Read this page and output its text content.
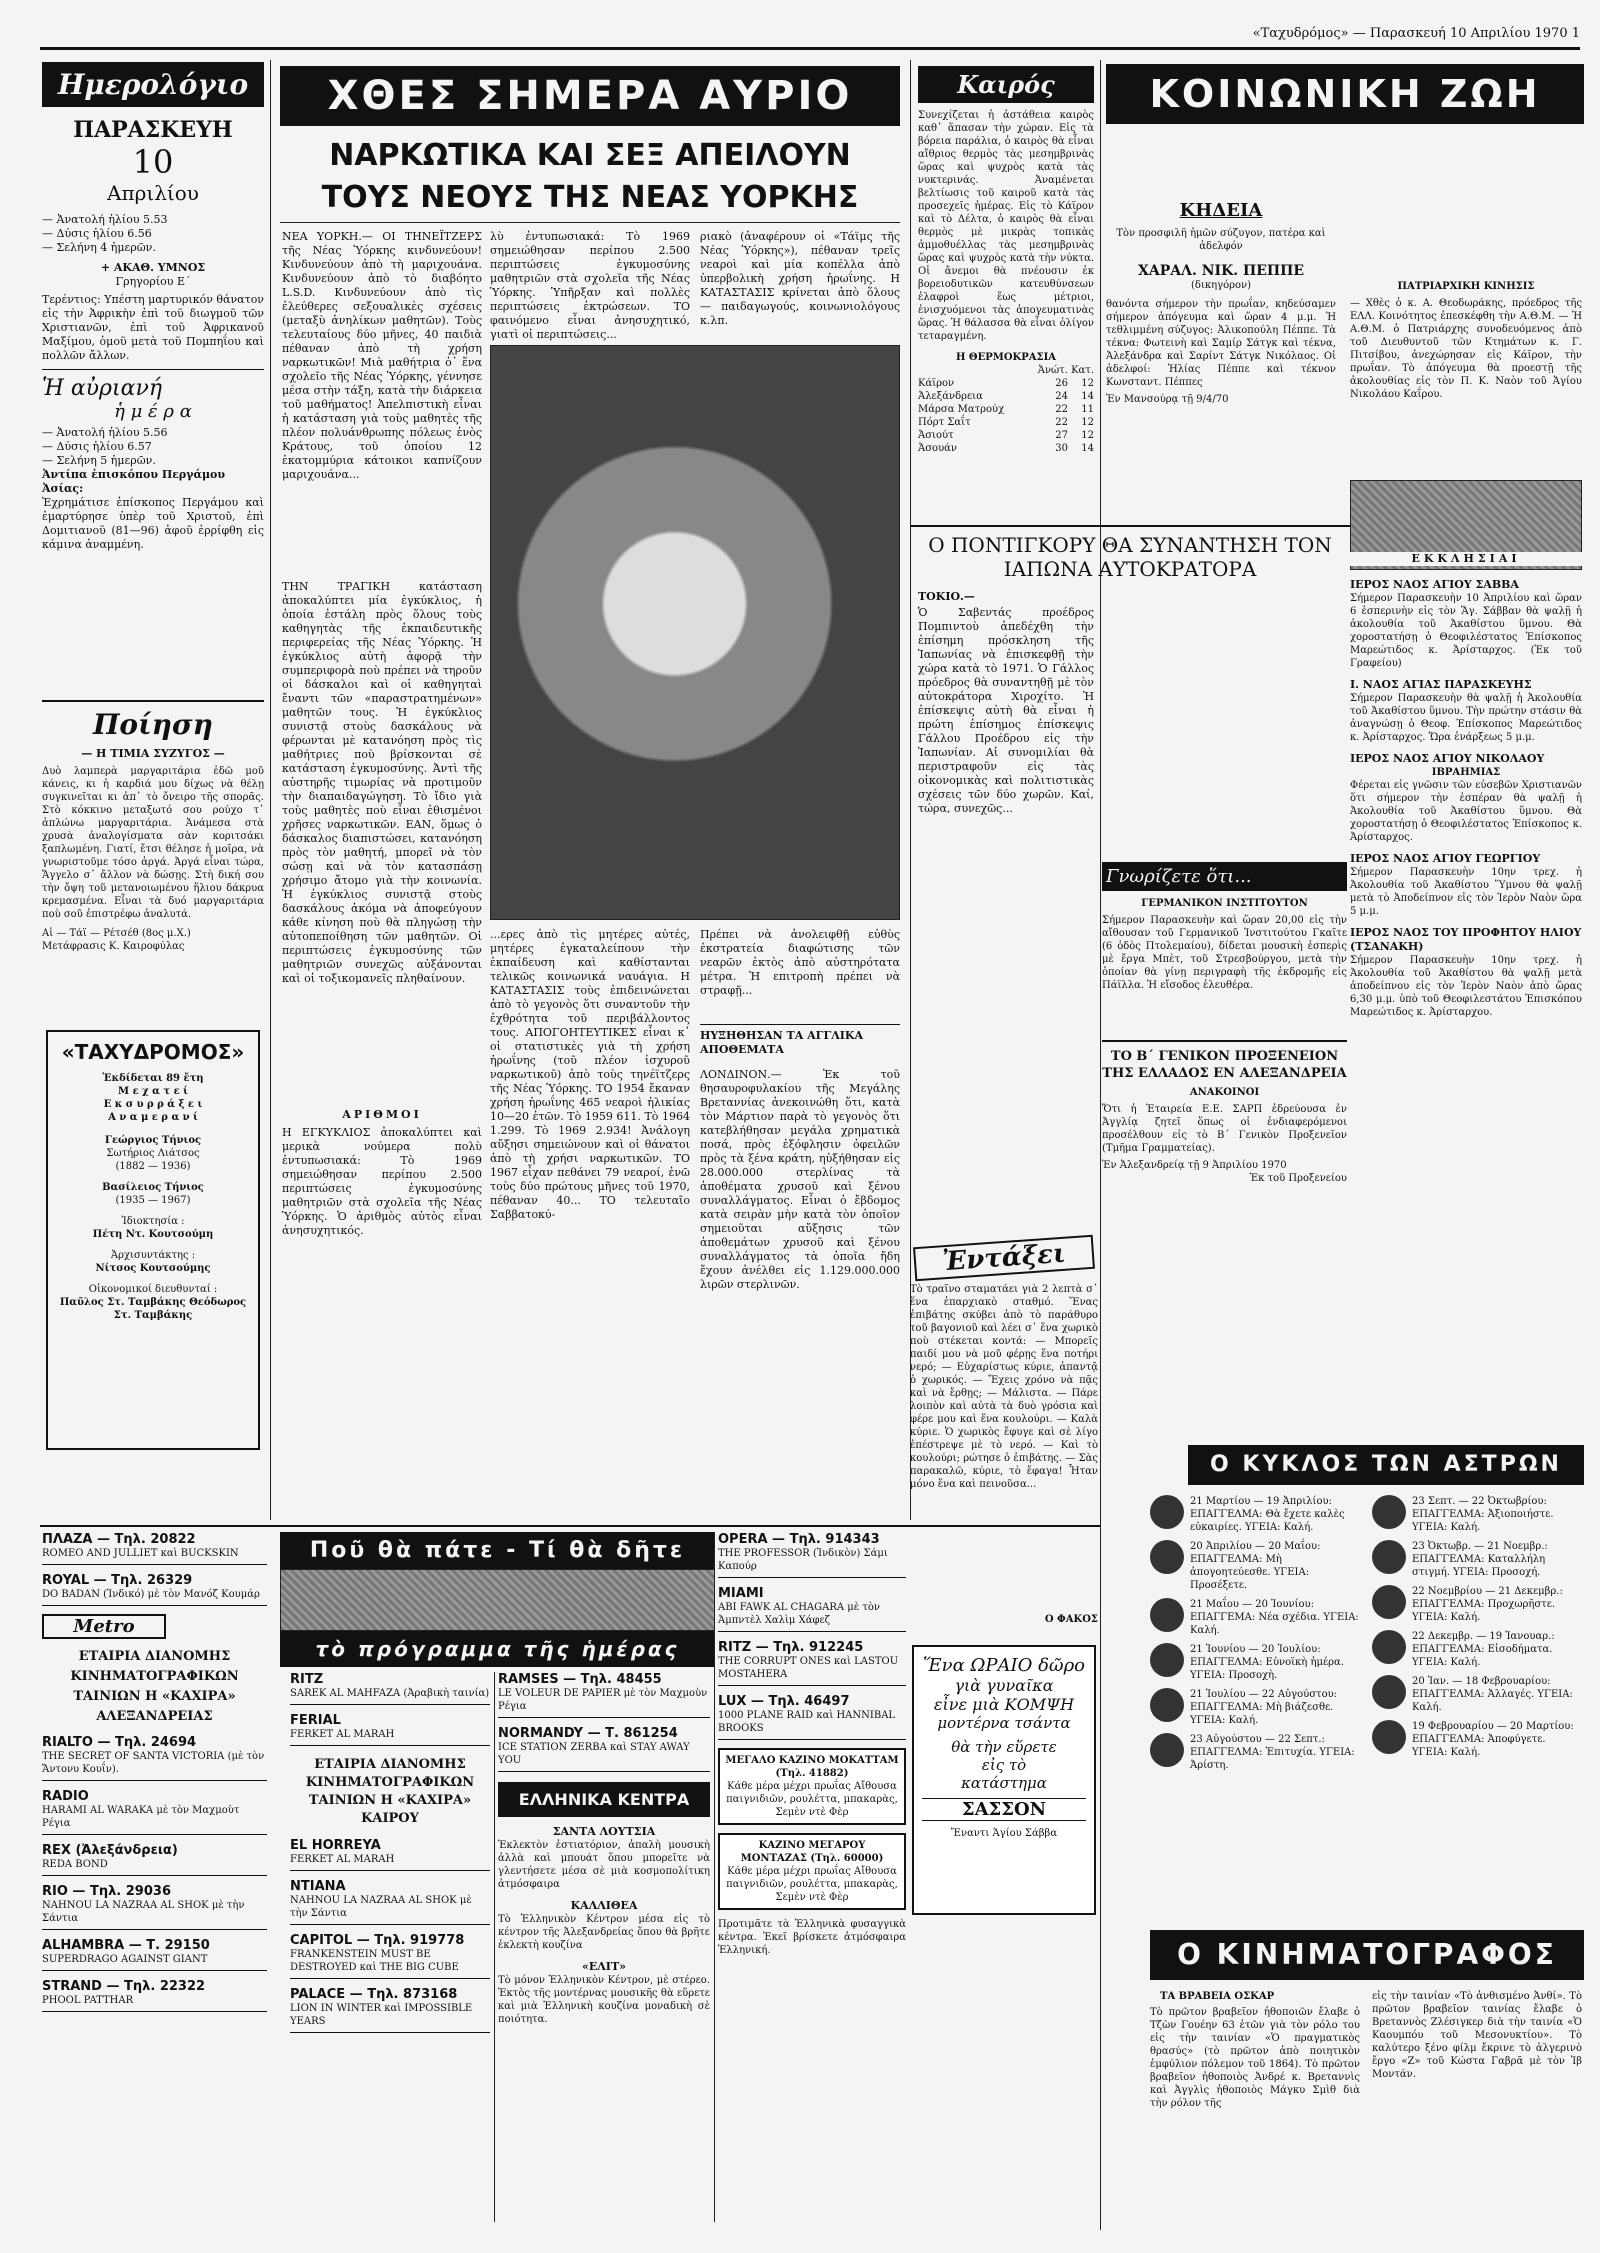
«Ταχυδρόμος» — Παρασκευή 10 Απριλίου 1970 1
Ημερολόγιο
ΠΑΡΑΣΚΕΥΗ
10
Απριλίου
— Ἀνατολή ἡλίου 5.53
— Δύσις ἡλίου 6.56
— Σελήνη 4 ἡμερῶν.
+ ΑΚΑΘ. ΥΜΝΟΣ
Γρηγορίου Ε΄
Τερέντιος: Υπέστη μαρτυρικόν θάνατον εἰς τὴν Ἀφρικὴν ἐπὶ τοῦ διωγμοῦ τῶν Χριστιανῶν, ἐπὶ τοῦ Ἀφρικανοῦ Μαξίμου, ὁμοῦ μετὰ τοῦ Πομπηΐου καὶ πολλῶν ἄλλων.
Ἡ αὐριανή
ἡ μ έ ρ α
— Ἀνατολή ἡλίου 5.56
— Δύσις ἡλίου 6.57
— Σελήνη 5 ἡμερῶν.
Ἀντίπα ἐπισκόπου Περγάμου Ἀσίας:
Ἐχρημάτισε ἐπίσκοπος Περγάμου καὶ ἐμαρτύρησε ὑπὲρ τοῦ Χριστοῦ, ἐπὶ Δομιτιανοῦ (81—96) ἀφοῦ ἐρρίφθη εἰς κάμινα ἀναμμένη.
Ποίηση
— Η ΤΙΜΙΑ ΣΥΖΥΓΟΣ —
Δυὸ λαμπερὰ μαργαριτάρια ἐδῶ μοῦ κάνεις, κι ἡ καρδιά μου δίχως νὰ θέλῃ συγκινεῖται κι ἀπ᾿ τὸ ὄνειρο τῆς σπορᾶς. Στὸ κόκκινο μεταξωτό σου ρούχο τ᾿ ἀπλώνω μαργαριτάρια. Ἀνάμεσα στὰ χρυσὰ ἀναλογίσματα σὰν κοριτσάκι ξαπλωμένη. Γιατί, ἔτσι θέλησε ἡ μοῖρα, νὰ γνωριστοῦμε τόσο ἀργά. Ἀργά εἶναι τώρα, Ἄγγελο σ᾿ ἄλλον νὰ δώσῃς. Στὴ δική σου τὴν ὄψη τοῦ μετανοιωμένου ἥλιου δάκρυα κρεμασμένα. Εἶναι τὰ δυό μαργαριτάρια ποὺ σοῦ ἐπιστρέφω ἀναλυτά.
Αἱ — Τάϊ — Ρέτσέθ (8ος μ.Χ.)
Μετάφρασις Κ. Καιροφύλας
«ΤΑΧΥΔΡΟΜΟΣ»
Ἐκδίδεται 89 ἔτη
Μ ε χ α τ ε ί
Ε κ σ υ ρ ρ ά ξ ε ι
Α ν α μ ε ρ α ν ί
Γεώργιος Τήνιος
Σωτήριος Λιάτσος
(1882 — 1936)
Βασίλειος Τήνιος
(1935 — 1967)
Ἰδιοκτησία :
Πέτη Ντ. Κουτσούμη
Ἀρχισυντάκτης :
Νίτσος Κουτσούμης
Οἰκονομικοί διευθυνταί :
Παῦλος Στ. Ταμβάκης Θεόδωρος Στ. Ταμβάκης
ΧΘΕΣ ΣΗΜΕΡΑ ΑΥΡΙΟ
ΝΑΡΚΩΤΙΚΑ ΚΑΙ ΣΕΞ ΑΠΕΙΛΟΥΝ
ΤΟΥΣ ΝΕΟΥΣ ΤΗΣ ΝΕΑΣ ΥΟΡΚΗΣ
ΝΕΑ ΥΟΡΚΗ.— ΟΙ ΤΗΝΕΪΤΖΕΡΣ τῆς Νέας Ὑόρκης κινδυνεύουν! Κινδυνεύουν ἀπὸ τὴ μαριχουάνα. Κινδυνεύουν ἀπὸ τὸ διαβόητο L.S.D. Κινδυνεύουν ἀπὸ τὶς ἐλεύθερες σεξουαλικὲς σχέσεις (μεταξὺ ἀνηλίκων μαθητῶν). Τοὺς τελευταίους δύο μῆνες, 40 παιδιὰ πέθαναν ἀπὸ τὴ χρήση ναρκωτικῶν! Μιὰ μαθήτρια ὁ᾿ ἕνα σχολεῖο τῆς Νέας Ὑόρκης, γέννησε μέσα στὴν τάξη, κατὰ τὴν διάρκεια τοῦ μαθήματος! Ἀπελπιστικὴ εἶναι ἡ κατάσταση γιὰ τοὺς μαθητὲς τῆς πλέον πολυάνθρωπης πόλεως ἑνὸς Κράτους, τοῦ ὁποίου 12 ἑκατομμύρια κάτοικοι καπνίζουν μαριχουάνα...
λὺ ἐντυπωσιακά: Τὸ 1969 σημειώθησαν περίπου 2.500 περιπτώσεις ἐγκυμοσύνης μαθητριῶν στὰ σχολεῖα τῆς Νέας Ὑόρκης. Ὑπῆρξαν καὶ πολλὲς περιπτώσεις ἐκτρώσεων. ΤΟ φαινόμενο εἶναι ἀνησυχητικό, γιατὶ οἱ περιπτώσεις...
ριακὸ (ἀναφέρουν οἱ «Τάϊμς τῆς Νέας Ὑόρκης»), πέθαναν τρεῖς νεαροὶ καὶ μία κοπέλλα ἀπὸ ὑπερβολικὴ χρήση ἡρωΐνης. Η ΚΑΤΑΣΤΑΣΙΣ κρίνεται ἀπὸ ὅλους — παιδαγωγούς, κοινωνιολόγους κ.λπ.
ΤΗΝ ΤΡΑΓΙΚΗ κατάσταση ἀποκαλύπτει μία ἐγκύκλιος, ἡ ὁποία ἐστάλη πρὸς ὅλους τοὺς καθηγητὰς τῆς ἐκπαιδευτικῆς περιφερείας τῆς Νέας Ὑόρκης. Ἡ ἐγκύκλιος αὐτὴ ἀφορᾷ τὴν συμπεριφορὰ ποὺ πρέπει νὰ τηροῦν οἱ δάσκαλοι καὶ οἱ καθηγηταὶ ἔναντι τῶν «παραστρατημένων» μαθητῶν τους. Ἡ ἐγκύκλιος συνιστᾷ στοὺς δασκάλους νὰ φέρωνται μὲ κατανόηση πρὸς τὶς μαθήτριες ποὺ βρίσκονται σὲ κατάσταση ἐγκυμοσύνης. Ἀντὶ τῆς αὐστηρῆς τιμωρίας νὰ προτιμοῦν τὴν διαπαιδαγώγηση. Τὸ ἴδιο γιὰ τοὺς μαθητὲς ποὺ εἶναι ἐθισμένοι χρῆσες ναρκωτικῶν. ΕΑΝ, ὅμως ὁ δάσκαλος διαπιστώσει, κατανόηση πρὸς τὸν μαθητή, μπορεῖ νὰ τὸν σώσῃ καὶ νὰ τὸν κατασπάσῃ χρήσιμο ἄτομο γιὰ τὴν κοινωνία. Ἡ ἐγκύκλιος συνιστᾷ στοὺς δασκάλους ἀκόμα νὰ ἀποφεύγουν κάθε κίνηση ποὺ θὰ πληγώσῃ τὴν αὐτοπεποίθηση τῶν μαθητῶν. Οἱ περιπτώσεις ἐγκυμοσύνης τῶν μαθητριῶν συνεχῶς αὐξάνονται καὶ οἱ τοξικομανεῖς πληθαίνουν.
ΑΡΙΘΜΟΙ
Η ΕΓΚΥΚΛΙΟΣ ἀποκαλύπτει καὶ μερικὰ νούμερα πολὺ ἐντυπωσιακά: Τὸ 1969 σημειώθησαν περίπου 2.500 περιπτώσεις ἐγκυμοσύνης μαθητριῶν στὰ σχολεῖα τῆς Νέας Ὑόρκης. Ὁ ἀριθμὸς αὐτὸς εἶναι ἀνησυχητικός.
...ερες ἀπὸ τὶς μητέρες αὐτές, μητέρες ἐγκαταλείπουν τὴν ἐκπαίδευση καὶ καθίστανται τελικῶς κοινωνικά ναυάγια. Η ΚΑΤΑΣΤΑΣΙΣ τοὺς ἐπιδεινώνεται ἀπὸ τὸ γεγονὸς ὅτι συναντοῦν τὴν ἐχθρότητα τοῦ περιβάλλοντος τους. ΑΠΟΓΟΗΤΕΥΤΙΚΕΣ εἶναι κ᾿ οἱ στατιστικὲς γιὰ τὴ χρήση ἡρωΐνης (τοῦ πλέον ἰσχυροῦ ναρκωτικοῦ) ἀπὸ τοὺς τηνέϊτζερς τῆς Νέας Ὑόρκης. ΤΟ 1954 ἔκαναν χρήση ἡρωΐνης 465 νεαροὶ ἡλικίας 10—20 ἐτῶν. Τὸ 1959 611. Τὸ 1964 1.299. Τὸ 1969 2.934! Ἀνάλογη αὔξησι σημειώνουν καὶ οἱ θάνατοι ἀπὸ τὴ χρήσι ναρκωτικῶν. ΤΟ 1967 εἶχαν πεθάνει 79 νεαροί, ἐνῶ τοὺς δύο πρώτους μῆνες τοῦ 1970, πέθαναν 40... ΤΟ τελευταῖο Σαββατοκύ-
Πρέπει νὰ ἀνολειφθῇ εὐθὺς ἐκστρατεία διαφώτισης τῶν νεαρῶν ἐκτὸς ἀπὸ αὐστηρότατα μέτρα. Ἡ επιτροπὴ πρέπει νὰ στραφῇ...
ΗΥΞΗΘΗΣΑΝ ΤΑ ΑΓΓΛΙΚΑ ΑΠΟΘΕΜΑΤΑ
ΛΟΝΔΙΝΟΝ.— Ἐκ τοῦ θησαυροφυλακίου τῆς Μεγάλης Βρεταννίας ἀνεκοινώθη ὅτι, κατὰ τὸν Μάρτιον παρὰ τὸ γεγονὸς ὅτι κατεβλήθησαν μεγάλα χρηματικὰ ποσά, πρὸς ἐξόφλησιν ὀφειλῶν πρὸς τὰ ξένα κράτη, ηὐξήθησαν εἰς 28.000.000 στερλίνας τὰ ἀποθέματα χρυσοῦ καὶ ξένου συναλλάγματος. Εἶναι ὁ ἔβδομος κατὰ σειρὰν μὴν κατὰ τὸν ὁποῖον σημειοῦται αὔξησις τῶν ἀποθεμάτων χρυσοῦ καὶ ξένου συναλλάγματος τὰ ὁποῖα ἤδη ἔχουν ἀνέλθει εἰς 1.129.000.000 λιρῶν στερλινῶν.
Καιρός
Συνεχίζεται ἡ ἀστάθεια καιρὸς καθ᾿ ἅπασαν τὴν χώραν. Εἰς τὰ βόρεια παράλια, ὁ καιρὸς θὰ εἶναι αἴθριος θερμὸς τὰς μεσημβρινὰς ὥρας καὶ ψυχρὸς κατὰ τὰς νυκτερινάς. Ἀναμένεται βελτίωσις τοῦ καιροῦ κατὰ τὰς προσεχεῖς ἡμέρας. Εἰς τὸ Κάϊρον καὶ τὸ Δέλτα, ὁ καιρὸς θὰ εἶναι θερμὸς μὲ μικρὰς τοπικὰς ἀμμοθυέλλας τὰς μεσημβρινὰς ὥρας καὶ ψυχρὸς κατὰ τὴν νύκτα. Οἱ ἄνεμοι θὰ πνέουσιν ἐκ βορειοδυτικῶν κατευθύνσεων ἐλαφροὶ ἕως μέτριοι, ἐνισχυόμενοι τὰς ἀπογευματινὰς ὥρας. Ἡ θάλασσα θὰ εἶναι ὀλίγον τεταραγμένη.
Η ΘΕΡΜΟΚΡΑΣΙΑ
Ἀνώτ. Κατ.
Κάϊρον	26	12
Ἀλεξάνδρεια	24	14
Μάρσα Ματρούχ	22	11
Πόρτ Σαΐτ	22	12
Ἀσιούτ	27	12
Ἀσουάν	30	14
Ο ΠΟΝΤΙΓΚΟΡΥ ΘΑ ΣΥΝΑΝΤΗΣΗ ΤΟΝ ΙΑΠΩΝΑ ΑΥΤΟΚΡΑΤΟΡΑ
ΤΟΚΙΟ.—
Ὁ Σαβεντάς προέδρος Πομπιντοὺ ἀπεδέχθη τὴν ἐπίσημη πρόσκληση τῆς Ἰαπωνίας νὰ ἐπισκεφθῇ τὴν χώρα κατὰ τὸ 1971. Ὁ Γάλλος πρόεδρος θὰ συναντηθῇ μὲ τὸν αὐτοκράτορα Χιροχίτο. Ἡ ἐπίσκεψις αὐτὴ θὰ εἶναι ἡ πρώτη ἐπίσημος ἐπίσκεψις Γάλλου Προέδρου εἰς τὴν Ἰαπωνίαν. Αἱ συνομιλίαι θὰ περιστραφοῦν εἰς τὰς οἰκονομικὰς καὶ πολιτιστικὰς σχέσεις τῶν δύο χωρῶν. Καί, τώρα, συνεχῶς...
Γνωρίζετε ὅτι...
ΓΕΡΜΑΝΙΚΟΝ ΙΝΣΤΙΤΟΥΤΟΝ
Σήμερον Παρασκευὴν καὶ ὥραν 20,00 εἰς τὴν αἴθουσαν τοῦ Γερμανικοῦ Ἰνστιτούτου Γκαῖτε (6 ὁδὸς Πτολεμαίου), δίδεται μουσικὴ ἑσπερὶς μὲ ἔργα Μπὲτ, τοῦ Στρεσβούργου, μετὰ τὴν ὁποίαν θὰ γίνῃ περιγραφὴ τῆς ἐκδρομῆς εἰς Πάϊλλα. Ἡ εἴσοδος ἐλευθέρα.
ΤΟ Β΄ ΓΕΝΙΚΟΝ ΠΡΟΞΕΝΕΙΟΝ ΤΗΣ ΕΛΛΑΔΟΣ ΕΝ ΑΛΕΞΑΝΔΡΕΙΑ
ΑΝΑΚΟΙΝΟΙ
Ὅτι ἡ Ἑταιρεία Ε.Ε. ΣΑΡΠ ἐδρεύουσα ἐν Ἀγγλίᾳ ζητεῖ ὅπως οἱ ἐνδιαφερόμενοι προσέλθουν εἰς τὸ Β΄ Γενικὸν Προξενεῖον (Τμῆμα Γραμματείας).
Ἐν Ἀλεξανδρείᾳ τῇ 9 Ἀπριλίου 1970
Ἐκ τοῦ Προξενείου
Ἐντάξει
Τὸ τραῖνο σταματάει γιὰ 2 λεπτὰ σ᾿ ἕνα ἐπαρχιακὸ σταθμό. Ἕνας ἐπιβάτης σκύβει ἀπὸ τὸ παράθυρο τοῦ βαγονιοῦ καὶ λέει σ᾿ ἕνα χωρικὸ ποὺ στέκεται κοντά: — Μπορεῖς παιδί μου νὰ μοῦ φέρῃς ἕνα ποτήρι νερό; — Εὐχαρίστως κύριε, ἀπαντᾷ ὁ χωρικός. — Ἔχεις χρόνο νὰ πᾷς καὶ νὰ ἔρθῃς; — Μάλιστα. — Πάρε λοιπὸν καὶ αὐτὰ τὰ δυὸ γρόσια καὶ φέρε μου καὶ ἕνα κουλούρι. — Καλὰ κύριε. Ὁ χωρικὸς ἔφυγε καὶ σὲ λίγο ἐπέστρεψε μὲ τὸ νερό. — Καὶ τὸ κουλούρι; ρώτησε ὁ ἐπιβάτης. — Σὰς παρακαλῶ, κύριε, τὸ ἔφαγα! Ἦταν μόνο ἕνα καὶ πεινοῦσα...
Ο ΦΑΚΟΣ
Ἕνα ΩΡΑΙΟ δῶρο
γιὰ γυναῖκα
εἶνε μιὰ ΚΟΜΨΗ
μοντέρνα τσάντα
θὰ τὴν εὕρετε
εἰς τὸ
κατάστημα
ΣΑΣΣΟΝ
Ἔναντι Ἁγίου Σάββα
ΚΟΙΝΩΝΙΚΗ ΖΩΗ
ΚΗΔΕΙΑ
Τὸν προσφιλῆ ἡμῶν σύζυγον, πατέρα καὶ ἀδελφόν
ΧΑΡΑΛ. ΝΙΚ. ΠΕΠΠΕ
(δικηγόρον)
θανόντα σήμερον τὴν πρωΐαν, κηδεύσαμεν σήμερον ἀπόγευμα καὶ ὥραν 4 μ.μ. Ἡ τεθλιμμένη σύζυγος: Ἀλικοπούλη Πέππε. Τὰ τέκνα: Φωτεινὴ καὶ Σαμίρ Σάτγκ καὶ τέκνα, Ἀλεξάνδρα καὶ Σαρίντ Σάτγκ Νικόλαος. Οἱ ἀδελφοί: Ἠλίας Πέππε καὶ τέκνον Κωνσταντ. Πέππες
Ἐν Μανσούρᾳ τῇ 9/4/70
ΠΑΤΡΙΑΡΧΙΚΗ ΚΙΝΗΣΙΣ
— Χθὲς ὁ κ. Α. Θεοδωράκης, πρόεδρος τῆς ΕΛΛ. Κοινότητος ἐπεσκέφθη τὴν Α.Θ.Μ. — Ἡ Α.Θ.Μ. ὁ Πατριάρχης συνοδευόμενος ἀπὸ τοῦ Διευθυντοῦ τῶν Κτημάτων κ. Γ. Πιτσίβου, ἀνεχώρησαν εἰς Κάϊρον, τὴν πρωΐαν. Τὸ ἀπόγευμα θὰ προεστῇ τῆς ἀκολουθίας εἰς τὸν Π. Κ. Ναὸν τοῦ Ἁγίου Νικολάου Καΐρου.
ΕΚΚΛΗΣΙΑΙ
ΙΕΡΟΣ ΝΑΟΣ ΑΓΙΟΥ ΣΑΒΒΑ
Σήμερον Παρασκευὴν 10 Ἀπριλίου καὶ ὥραν 6 ἑσπερινὴν εἰς τὸν Ἅγ. Σάββαν θὰ ψαλῇ ἡ ἀκολουθία τοῦ Ἀκαθίστου ὕμνου. Θὰ χοροστατήσῃ ὁ Θεοφιλέστατος Ἐπίσκοπος Μαρεώτιδος κ. Ἀρίσταρχος. (Ἐκ τοῦ Γραφείου)
Ι. ΝΑΟΣ ΑΓΙΑΣ ΠΑΡΑΣΚΕΥΗΣ
Σήμερον Παρασκευὴν θὰ ψαλῇ ἡ Ἀκολουθία τοῦ Ἀκαθίστου ὕμνου. Τὴν πρώτην στάσιν θὰ ἀναγνώσῃ ὁ Θεοφ. Ἐπίσκοπος Μαρεώτιδος κ. Ἀρίσταρχος. Ὥρα ἐνάρξεως 5 μ.μ.
ΙΕΡΟΣ ΝΑΟΣ ΑΓΙΟΥ ΝΙΚΟΛΑΟΥ
ΙΒΡΑΗΜΙΑΣ
Φέρεται εἰς γνῶσιν τῶν εὐσεβῶν Χριστιανῶν ὅτι σήμερον τὴν ἑσπέραν θὰ ψαλῇ ἡ Ἀκολουθία τοῦ Ἀκαθίστου ὕμνου. Θὰ χοροστατήσῃ ὁ Θεοφιλέστατος Ἐπίσκοπος κ. Ἀρίσταρχος.
ΙΕΡΟΣ ΝΑΟΣ ΑΓΙΟΥ ΓΕΩΡΓΙΟΥ
Σήμερον Παρασκευὴν 10ην τρεχ. ἡ Ἀκολουθία τοῦ Ἀκαθίστου Ὕμνου θὰ ψαλῇ μετὰ τὸ Ἀποδείπνον εἰς τὸν Ἱερὸν Ναὸν ὥρα 5 μ.μ.
ΙΕΡΟΣ ΝΑΟΣ ΤΟΥ ΠΡΟΦΗΤΟΥ ΗΛΙΟΥ (ΤΣΑΝΑΚΗ)
Σήμερον Παρασκευὴν 10ην τρεχ. ἡ Ἀκολουθία τοῦ Ἀκαθίστου θὰ ψαλῇ μετὰ ἀποδείπνου εἰς τὸν Ἱερὸν Ναὸν ἀπὸ ὥρας 6,30 μ.μ. ὑπὸ τοῦ Θεοφιλεστάτου Ἐπισκόπου Μαρεώτιδος κ. Ἀρίσταρχου.
Ο ΚΥΚΛΟΣ ΤΩΝ ΑΣΤΡΩΝ
21 Μαρτίου — 19 Ἀπριλίου: ΕΠΑΓΓΕΛΜΑ: Θὰ ἔχετε καλὲς εὐκαιρίες. ΥΓΕΙΑ: Καλή.
20 Ἀπριλίου — 20 Μαΐου: ΕΠΑΓΓΕΛΜΑ: Μὴ ἀπογοητεύεσθε. ΥΓΕΙΑ: Προσέξετε.
21 Μαΐου — 20 Ἰουνίου: ΕΠΑΓΓΕΜΑ: Νέα σχέδια. ΥΓΕΙΑ: Καλή.
21 Ἰουνίου — 20 Ἰουλίου: ΕΠΑΓΓΕΛΜΑ: Εὐνοϊκὴ ἡμέρα. ΥΓΕΙΑ: Προσοχὴ.
21 Ἰουλίου — 22 Αὐγούστου: ΕΠΑΓΓΕΛΜΑ: Μὴ βιάζεσθε. ΥΓΕΙΑ: Καλή.
23 Αὐγούστου — 22 Σεπτ.: ΕΠΑΓΓΕΛΜΑ: Ἐπιτυχία. ΥΓΕΙΑ: Ἀρίστη.
23 Σεπτ. — 22 Ὀκτωβρίου: ΕΠΑΓΓΕΛΜΑ: Ἀξιοποιήστε. ΥΓΕΙΑ: Καλή.
23 Ὀκτωβρ. — 21 Νοεμβρ.: ΕΠΑΓΓΕΛΜΑ: Καταλλήλη στιγμή. ΥΓΕΙΑ: Προσοχή.
22 Νοεμβρίου — 21 Δεκεμβρ.: ΕΠΑΓΓΕΛΜΑ: Προχωρῆστε. ΥΓΕΙΑ: Καλή.
22 Δεκεμβρ. — 19 Ἰανουαρ.: ΕΠΑΓΓΕΛΜΑ: Εἰσοδήματα. ΥΓΕΙΑ: Καλή.
20 Ἰαν. — 18 Φεβρουαρίου: ΕΠΑΓΓΕΛΜΑ: Ἀλλαγές. ΥΓΕΙΑ: Καλή.
19 Φεβρουαρίου — 20 Μαρτίου: ΕΠΑΓΓΕΛΜΑ: Ἀποφύγετε. ΥΓΕΙΑ: Καλή.
Ο ΚΙΝΗΜΑΤΟΓΡΑΦΟΣ
ΤΑ ΒΡΑΒΕΙΑ ΟΣΚΑΡ
Τὸ πρῶτον βραβεῖον ἠθοποιῶν ἔλαβε ὁ Τζὼν Γουέην 63 ἐτῶν γιὰ τὸν ρόλο του εἰς τὴν ταινίαν «Ὁ πραγματικὸς θρασύς» (τὸ πρῶτον ἀπὸ ποιητικὸν ἐμφύλιον πόλεμον τοῦ 1864). Τὸ πρῶτον βραβεῖον ἠθοποιὸς Ἀνδρέ κ. Βρεταννὶς καὶ Ἀγγλὶς ἠθοποιὸς Μάγκυ Σμὶθ διὰ τὴν ρόλον τῆς
εἰς τὴν ταινίαν «Τὸ ἀνθισμένο Ἀνθί». Τὸ πρῶτον βραβεῖον ταινίας ἔλαβε ὁ Βρεταννὸς Ζλέσιγκερ διὰ τὴν ταινία «Ὁ Καουμπόυ τοῦ Μεσονυκτίου». Τὸ καλύτερο ξένο φίλμ ἔκρινε τὸ ἀλγερινὸ ἔργο «Ζ» τοῦ Κώστα Γαβρᾶ μὲ τὸν Ἰβ Μοντάν.
ΠΛΑΖΑ — Τηλ. 20822
ROMEO AND JULLIET καὶ BUCKSKIN
ROYAL — Τηλ. 26329
DO BADAN (Ἰνδικό) μὲ τὸν Μανόζ Κουμάρ
Metro
ΕΤΑΙΡΙΑ ΔΙΑΝΟΜΗΣ ΚΙΝΗΜΑΤΟΓΡΑΦΙΚΩΝ ΤΑΙΝΙΩΝ Η «ΚΑΧΙΡΑ» ΑΛΕΞΑΝΔΡΕΙΑΣ
RIALTO — Τηλ. 24694
THE SECRET OF SANTA VICTORIA (μὲ τὸν Ἄντονυ Κουΐν).
RADIO
HARAMI AL WARAKA μὲ τὸν Μαχμοὺτ Ρέγια
REX (Ἀλεξάνδρεια)
REDA BOND
RIO — Τηλ. 29036
NAHNOU LA NAZRAA AL SHOK μὲ τὴν Σάντια
ALHAMBRA — Τ. 29150
SUPERDRAGO AGAINST GIANT
STRAND — Τηλ. 22322
PHOOL PATTHAR
Ποῦ θὰ πάτε - Τί θὰ δῆτε
τὸ πρόγραμμα τῆς ἡμέρας
RITZ
SAREK AL MAHFAZA (Ἀραβικὴ ταινία)
FERIAL
FERKET AL MARAH
ΕΤΑΙΡΙΑ ΔΙΑΝΟΜΗΣ ΚΙΝΗΜΑΤΟΓΡΑΦΙΚΩΝ ΤΑΙΝΙΩΝ Η «ΚΑΧΙΡΑ» ΚΑΙΡΟΥ
EL HORREYA
FERKET AL MARAH
NTIANA
NAHNOU LA NAZRAA AL SHOK μὲ τὴν Σάντια
CAPITOL — Τηλ. 919778
FRANKENSTEIN MUST BE DESTROYED καὶ THE BIG CUBE
PALACE — Τηλ. 873168
LION IN WINTER καὶ IMPOSSIBLE YEARS
RAMSES — Τηλ. 48455
LE VOLEUR DE PAPIER μὲ τὸν Μαχμοὺν Ρέγια
NORMANDY — Τ. 861254
ICE STATION ZERBA καὶ STAY AWAY YOU
ΕΛΛΗΝΙΚΑ ΚΕΝΤΡΑ
ΣΑΝΤΑ ΛΟΥΤΣΙΑ
Ἐκλεκτὸν ἑστιατόριον, ἁπαλὴ μουσικὴ ἀλλὰ καὶ μπουάτ ὅπου μπορεῖτε νὰ γλεντήσετε μέσα σὲ μιὰ κοσμοπολίτικη ἀτμόσφαιρα
ΚΑΛΛΙΘΕΑ
Τὸ Ἑλληνικὸν Κέντρον μέσα εἰς τὸ κέντρον τῆς Ἀλεξανδρείας ὅπου θὰ βρῆτε ἐκλεκτὴ κουζίνα
«ΕΛΙΤ»
Τὸ μόνον Ἑλληνικὸν Κέντρον, μὲ στέρεο. Ἐκτὸς τῆς μοντέρνας μουσικῆς θὰ εὕρετε καὶ μιὰ Ἑλληνικὴ κουζίνα μοναδικὴ σὲ ποιότητα.
OPERA — Τηλ. 914343
THE PROFESSOR (Ἰνδικὸν) Σάμι Καπούρ
MIAMI
ABI FAWK AL CHAGARA μὲ τὸν Ἀμπντὲλ Χαλὶμ Χάφεζ
RITZ — Τηλ. 912245
THE CORRUPT ONES καὶ LASTOU MOSTAHERA
LUX — Τηλ. 46497
1000 PLANE RAID καὶ HANNIBAL BROOKS
ΜΕΓΑΛΟ ΚΑΖΙΝΟ ΜΟΚΑΤΤΑΜ (Τηλ. 41882)
Κάθε μέρα μέχρι πρωΐας Αἴθουσα παιγνιδιῶν, ρουλέττα, μπακαρὰς, Σεμὲν ντὲ Φὲρ
ΚΑΖΙΝΟ ΜΕΓΑΡΟΥ ΜΟΝΤΑΖΑΣ (Τηλ. 60000)
Κάθε μέρα μέχρι πρωΐας Αἴθουσα παιγνιδιῶν, ρουλέττα, μπακαρὰς, Σεμὲν ντὲ Φὲρ
Προτιμᾶτε τὰ Ἑλληνικὰ φυσαγγικὰ κέντρα. Ἐκεῖ βρίσκετε ἀτμόσφαιρα Ἑλληνική.
